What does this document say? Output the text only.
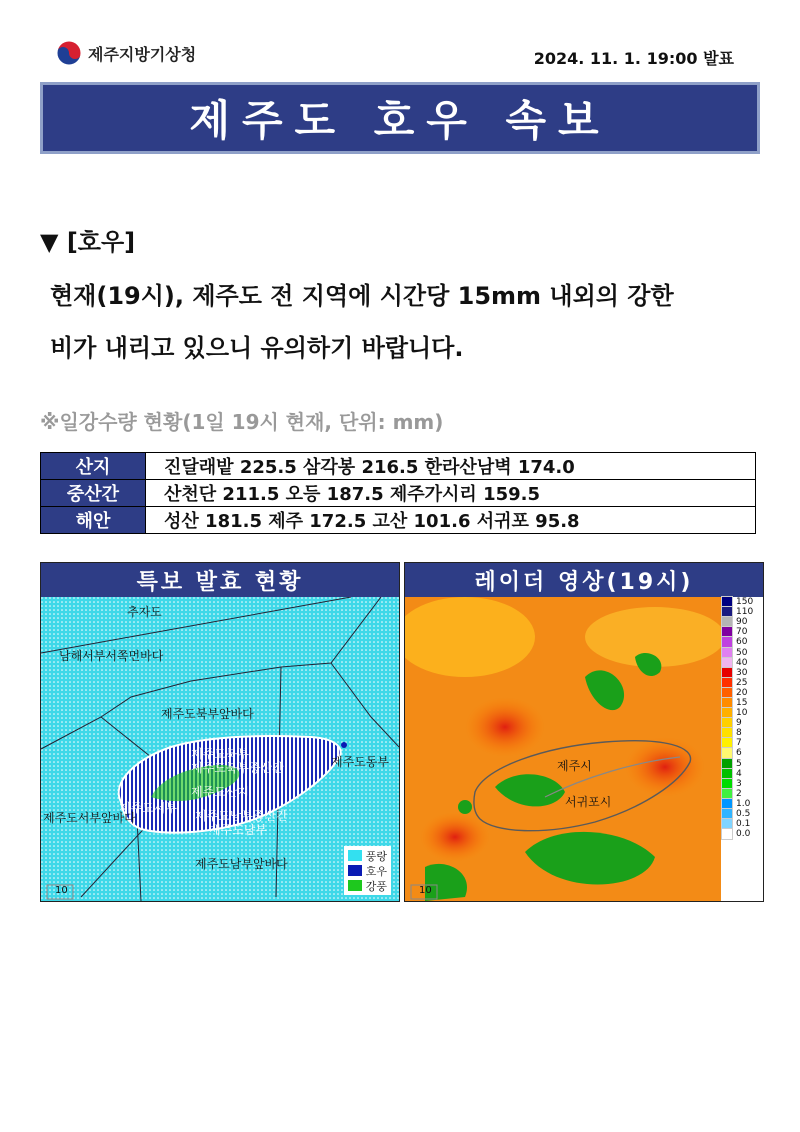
제주지방기상청	2024. 11. 1. 19:00 발표
제주도 호우 속보
▼ [호우]
현재(19시), 제주도 전 지역에 시간당 15mm 내외의 강한
비가 내리고 있으니 유의하기 바랍니다.
※일강수량 현황(1일 19시 현재, 단위: mm)
산지	진달래밭 225.5 삼각봉 216.5 한라산남벽 174.0
중산간	산천단 211.5 오등 187.5 제주가시리 159.5
해안	성산 181.5 제주 172.5 고산 101.6 서귀포 95.8
특보 발효 현황
추자도
남해서부서쪽먼바다
제주도북부앞바다
제주도북부
제주도북부중산간	제주도동부
제주도산지
제주도서부
제주도서부앞바다	제주도남부중산간
제주도남부
제주도남부앞바다
10
풍랑
호우
강풍
레이더 영상(19시)
제주시
서귀포시
10
150
110
90
70
60
50
40
30
25
20
15
10
9
8
7
6
5
4
3
2
1.0
0.5
0.1
0.0
